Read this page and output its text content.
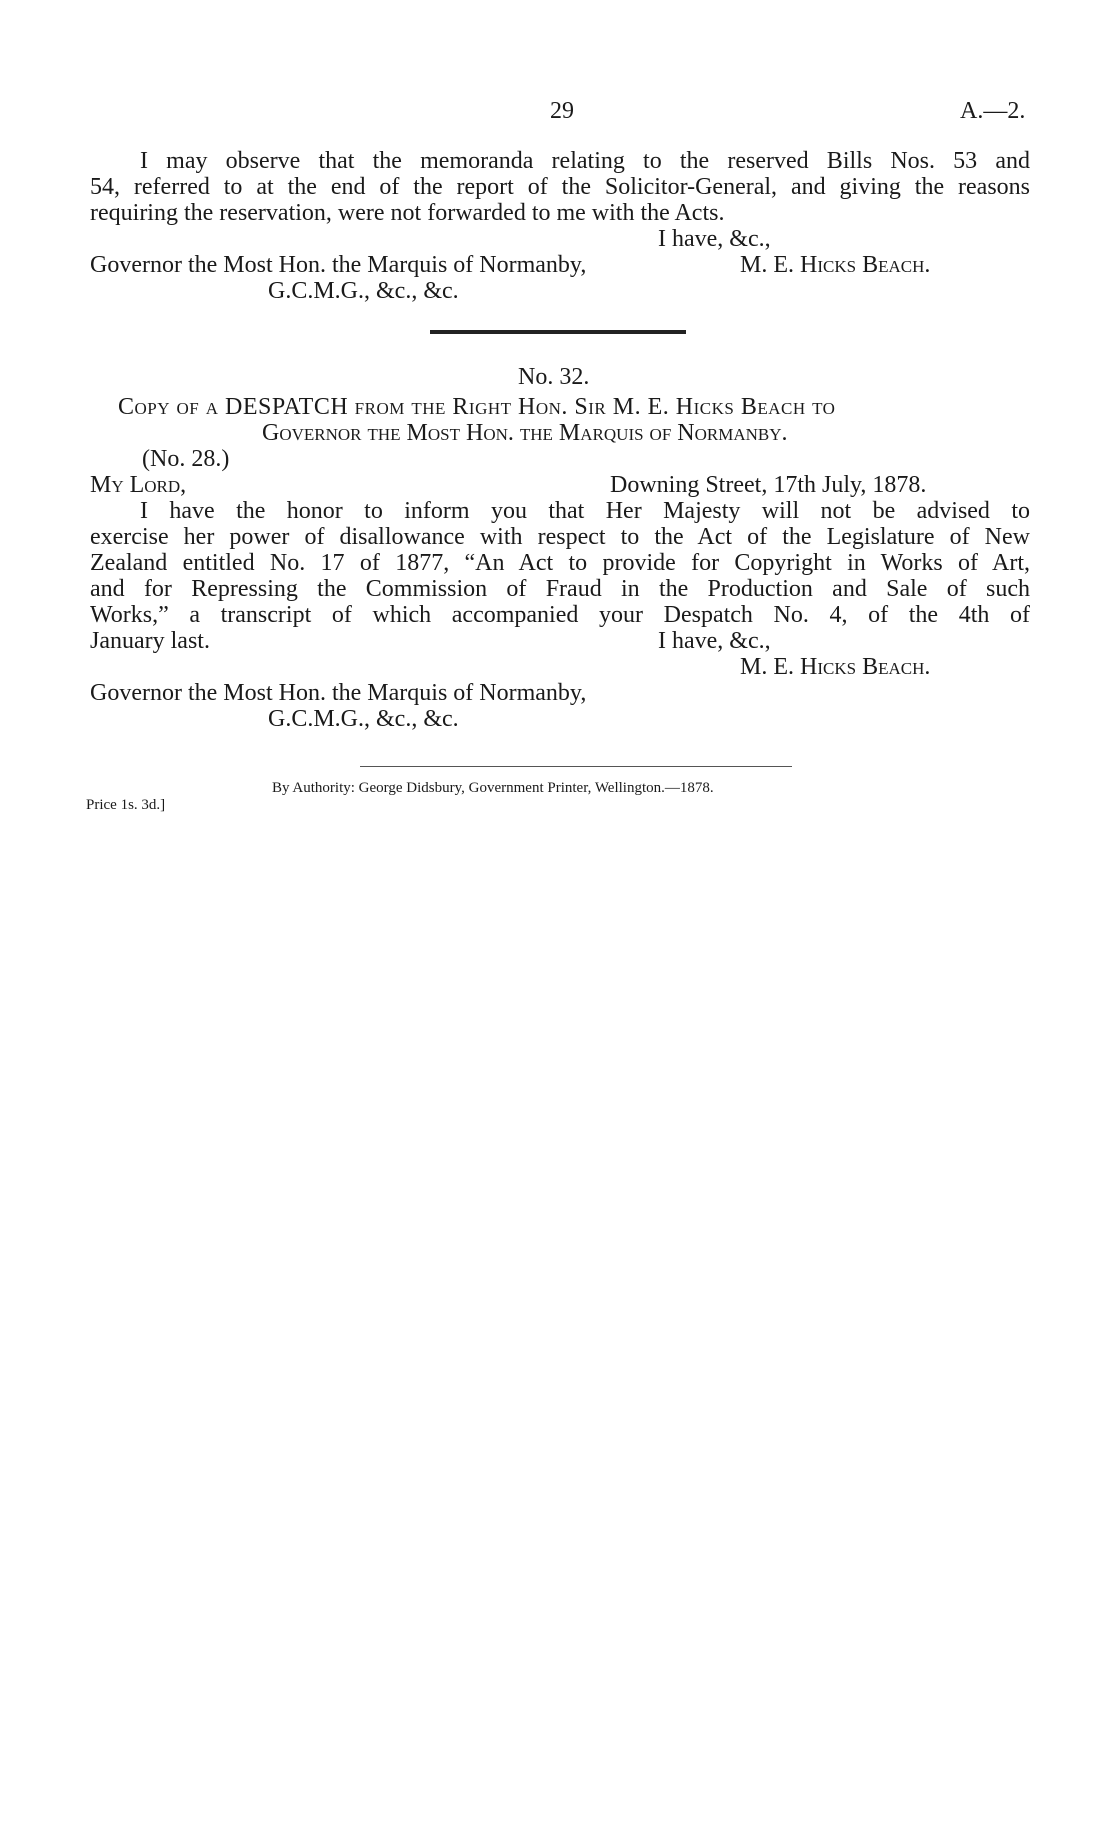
29	A.—2.
I may observe that the memoranda relating to the reserved Bills Nos. 53 and
54, referred to at the end of the report of the Solicitor-General, and giving the reasons
requiring the reservation, were not forwarded to me with the Acts.
I have, &c.,
Governor the Most Hon. the Marquis of Normanby,	M. E. Hicks Beach.
G.C.M.G., &c., &c.
No. 32.
Copy of a DESPATCH from the Right Hon. Sir M. E. Hicks Beach to
Governor the Most Hon. the Marquis of Normanby.
(No. 28.)
My Lord,	Downing Street, 17th July, 1878.
I have the honor to inform you that Her Majesty will not be advised to
exercise her power of disallowance with respect to the Act of the Legislature of New
Zealand entitled No. 17 of 1877, “An Act to provide for Copyright in Works of Art,
and for Repressing the Commission of Fraud in the Production and Sale of such
Works,” a transcript of which accompanied your Despatch No. 4, of the 4th of
January last.	I have, &c.,
M. E. Hicks Beach.
Governor the Most Hon. the Marquis of Normanby,
G.C.M.G., &c., &c.
By Authority: George Didsbury, Government Printer, Wellington.—1878.
Price 1s. 3d.]
